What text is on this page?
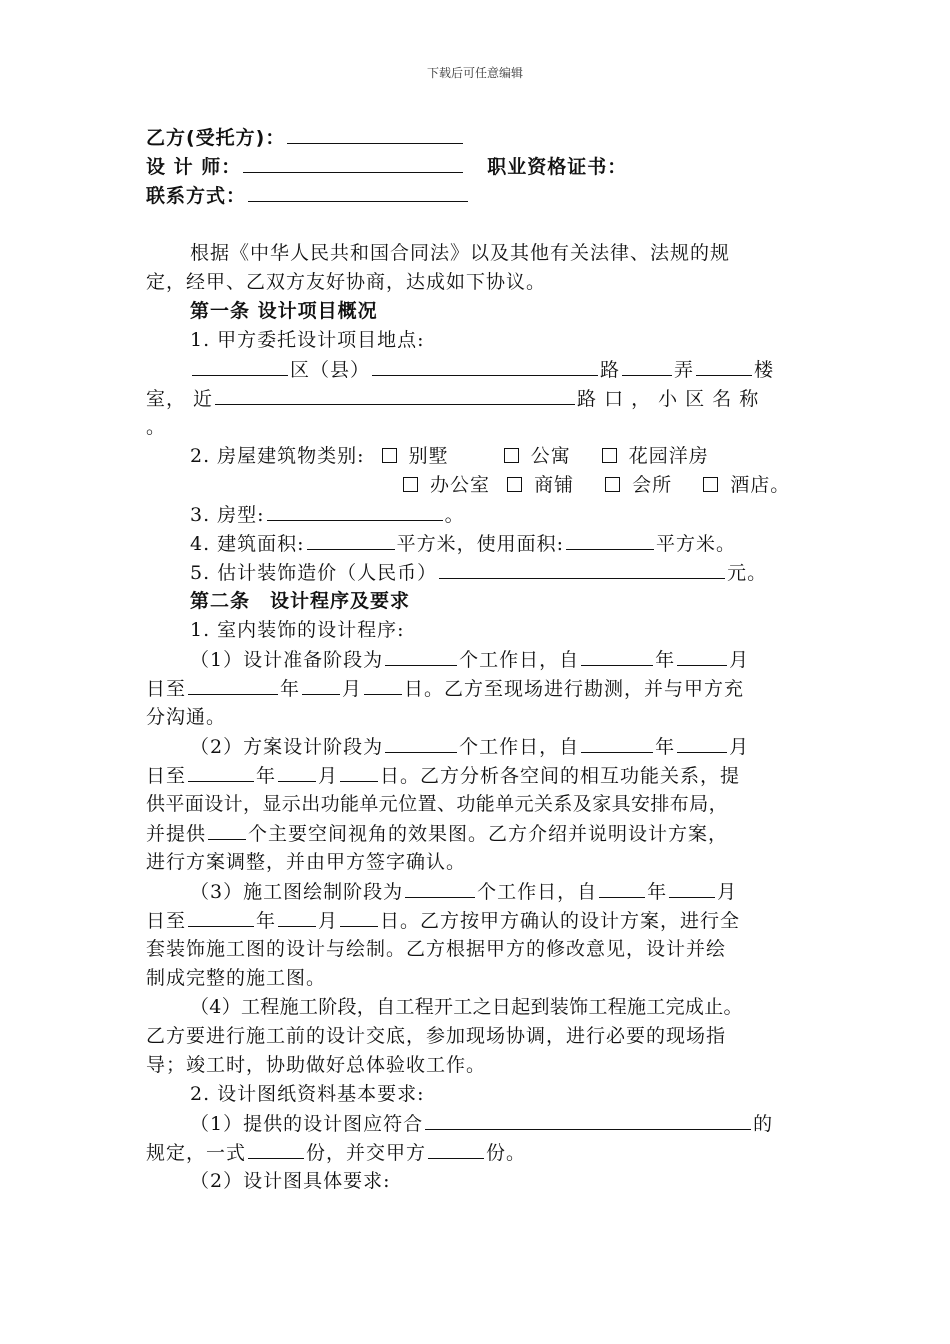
下载后可任意编辑
乙方(受托方)：
设 计 师：	职业资格证书：
联系方式：
根据《中华人民共和国合同法》以及其他有关法律、法规的规
定，经甲、乙双方友好协商，达成如下协议。
第一条 设计项目概况
1. 甲方委托设计项目地点:
区（县）	路	弄	楼
室， 近	路 口 ， 小 区 名 称
。
2. 房屋建筑物类别: 别墅	公寓	花园洋房
办公室 商铺	会所	酒店。
3. 房型:	。
4. 建筑面积:	平方米，使用面积:	平方米。
5. 估计装饰造价（人民币）	元。
第二条　设计程序及要求
1. 室内装饰的设计程序:
（1）设计准备阶段为	个工作日，自	年	月
日至	年 月 日。乙方至现场进行勘测，并与甲方充
分沟通。
（2）方案设计阶段为	个工作日，自	年	月
日至	年 月 日。乙方分析各空间的相互功能关系，提
供平面设计，显示出功能单元位置、功能单元关系及家具安排布局，
并提供 个主要空间视角的效果图。乙方介绍并说明设计方案，
进行方案调整，并由甲方签字确认。
（3）施工图绘制阶段为	个工作日，自	年	月
日至	年 月 日。乙方按甲方确认的设计方案，进行全
套装饰施工图的设计与绘制。乙方根据甲方的修改意见，设计并绘
制成完整的施工图。
（4）工程施工阶段，自工程开工之日起到装饰工程施工完成止。
乙方要进行施工前的设计交底，参加现场协调，进行必要的现场指
导；竣工时，协助做好总体验收工作。
2. 设计图纸资料基本要求:
（1）提供的设计图应符合	的
规定，一式	份，并交甲方	份。
（2）设计图具体要求:
